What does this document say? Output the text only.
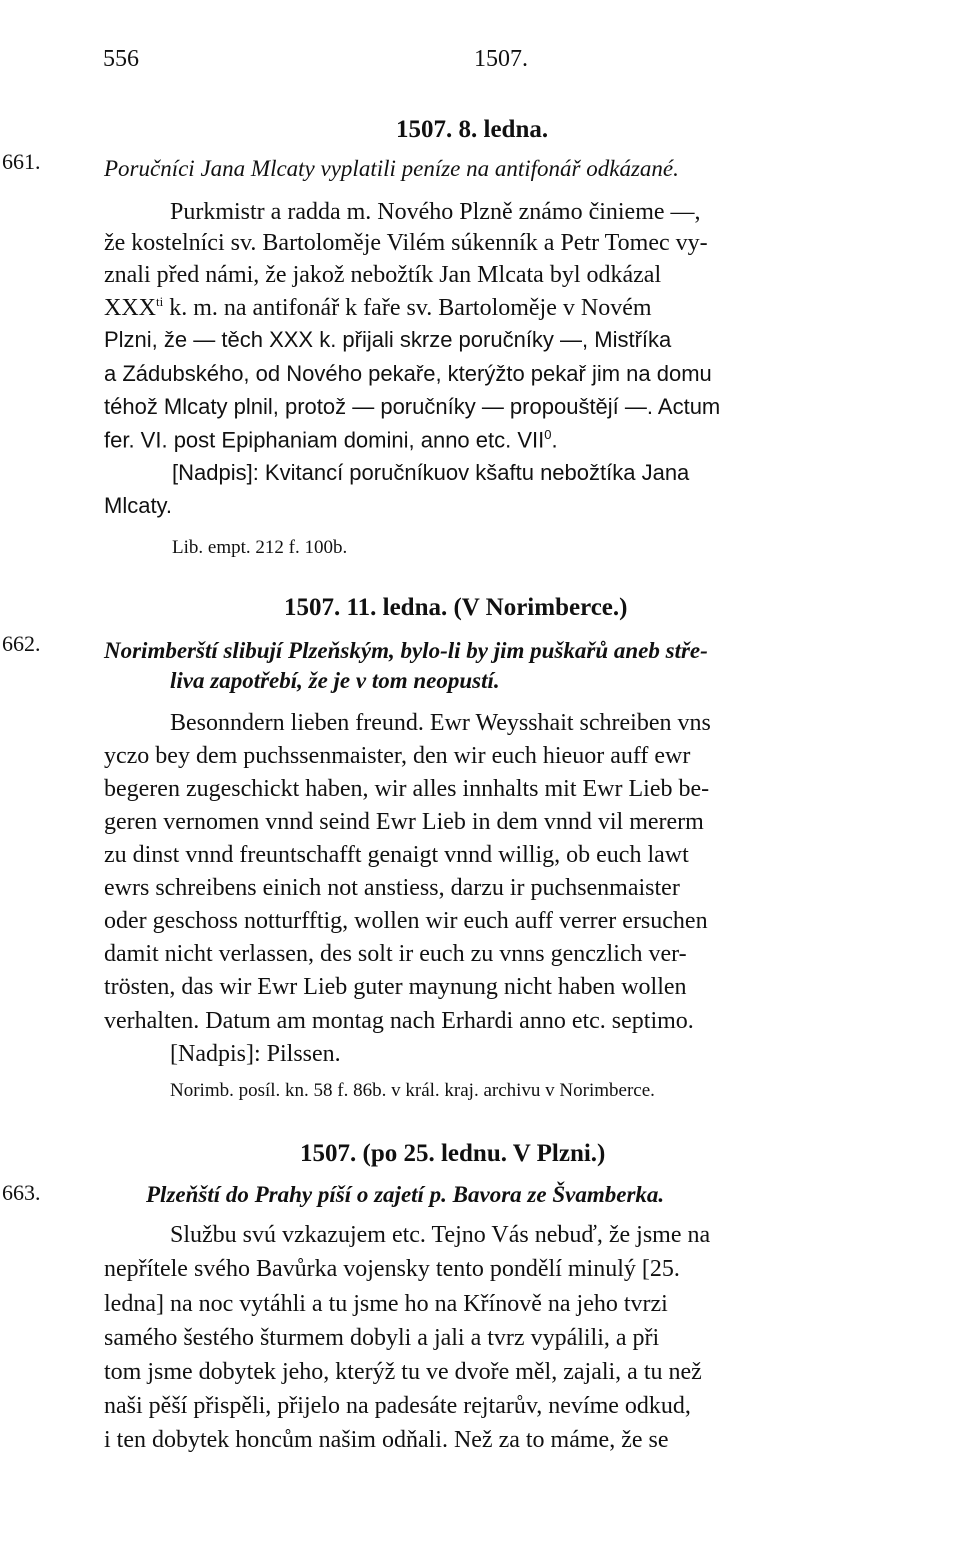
556	1507.
1507. 8. ledna.
661.	Poručníci Jana Mlcaty vyplatili peníze na antifonář odkázané.
Purkmistr a radda m. Nového Plzně známo činieme —,
že kostelníci sv. Bartoloměje Vilém súkenník a Petr Tomec vy-
znali před námi, že jakož nebožtík Jan Mlcata byl odkázal
$XXX^{ti}$ k. m. na antifonář k faře sv. Bartoloměje v Novém
Plzni, že — těch XXX k. přijali skrze poručníky —, Mistříka
a Zádubského, od Nového pekaře, kterýžto pekař jim na domu
téhož Mlcaty plnil, protož — poručníky — propouštějí —. Actum
fer. VI. post Epiphaniam domini, anno etc. VII$^0$.
[Nadpis]: Kvitancí poručníkuov kšaftu nebožtíka Jana
Mlcaty.
Lib. empt. 212 f. 100b.
1507. 11. ledna. (V Norimberce.)
662.	Norimberští slibují Plzeňským, bylo-li by jim puškařů aneb stře-
liva zapotřebí, že je v tom neopustí.
Besonndern lieben freund. Ewr Weysshait schreiben vns
yczo bey dem puchssenmaister, den wir euch hieuor auff ewr
begeren zugeschickt haben, wir alles innhalts mit Ewr Lieb be-
geren vernomen vnnd seind Ewr Lieb in dem vnnd vil mererm
zu dinst vnnd freuntschafft genaigt vnnd willig, ob euch lawt
ewrs schreibens einich not anstiess, darzu ir puchsenmaister
oder geschoss notturfftig, wollen wir euch auff verrer ersuchen
damit nicht verlassen, des solt ir euch zu vnns genczlich ver-
trösten, das wir Ewr Lieb guter maynung nicht haben wollen
verhalten. Datum am montag nach Erhardi anno etc. septimo.
[Nadpis]: Pilssen.
Norimb. posíl. kn. 58 f. 86b. v král. kraj. archivu v Norimberce.
1507. (po 25. lednu. V Plzni.)
663.	Plzeňští do Prahy píší o zajetí p. Bavora ze Švamberka.
Službu svú vzkazujem etc. Tejno Vás nebuď, že jsme na
nepřítele svého Bavůrka vojensky tento pondělí minulý [25.
ledna] na noc vytáhli a tu jsme ho na Křínově na jeho tvrzi
samého šestého šturmem dobyli a jali a tvrz vypálili, a při
tom jsme dobytek jeho, kterýž tu ve dvoře měl, zajali, a tu než
naši pěší přispěli, přijelo na padesáte rejtarův, nevíme odkud,
i ten dobytek honcům našim odňali. Než za to máme, že se
